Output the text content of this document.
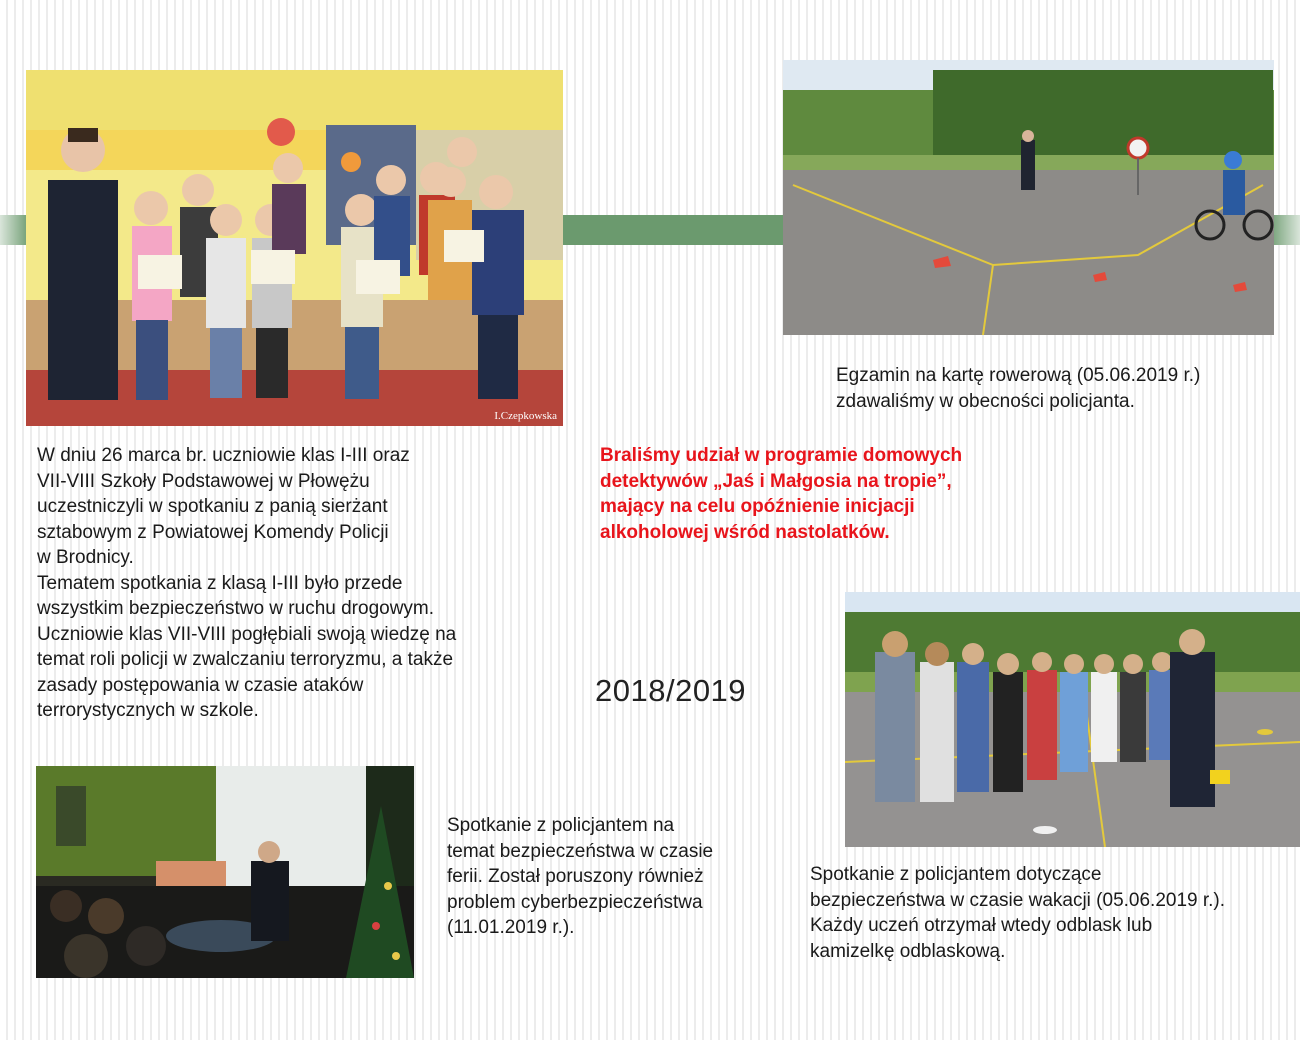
I.Czepkowska
Egzamin na kartę rowerową (05.06.2019 r.)
zdawaliśmy w obecności policjanta.
W dniu 26 marca br. uczniowie klas I-III oraz
VII-VIII Szkoły Podstawowej w Płowężu
uczestniczyli w spotkaniu z panią sierżant
sztabowym z Powiatowej Komendy Policji
w Brodnicy.
Tematem spotkania z klasą I-III było przede
wszystkim bezpieczeństwo w ruchu drogowym.
Uczniowie klas VII-VIII pogłębiali swoją wiedzę na
temat roli policji w zwalczaniu terroryzmu, a także
zasady postępowania w czasie ataków
terrorystycznych w szkole.
Braliśmy udział w programie domowych
detektywów „Jaś i Małgosia na tropie”,
mający na celu opóźnienie inicjacji
alkoholowej wśród nastolatków.
2018/2019
Spotkanie z policjantem na
temat bezpieczeństwa w czasie
ferii. Został poruszony również
problem cyberbezpieczeństwa
(11.01.2019 r.).
Spotkanie z policjantem dotyczące
bezpieczeństwa w czasie wakacji (05.06.2019 r.).
Każdy uczeń otrzymał wtedy odblask lub
kamizelkę odblaskową.
